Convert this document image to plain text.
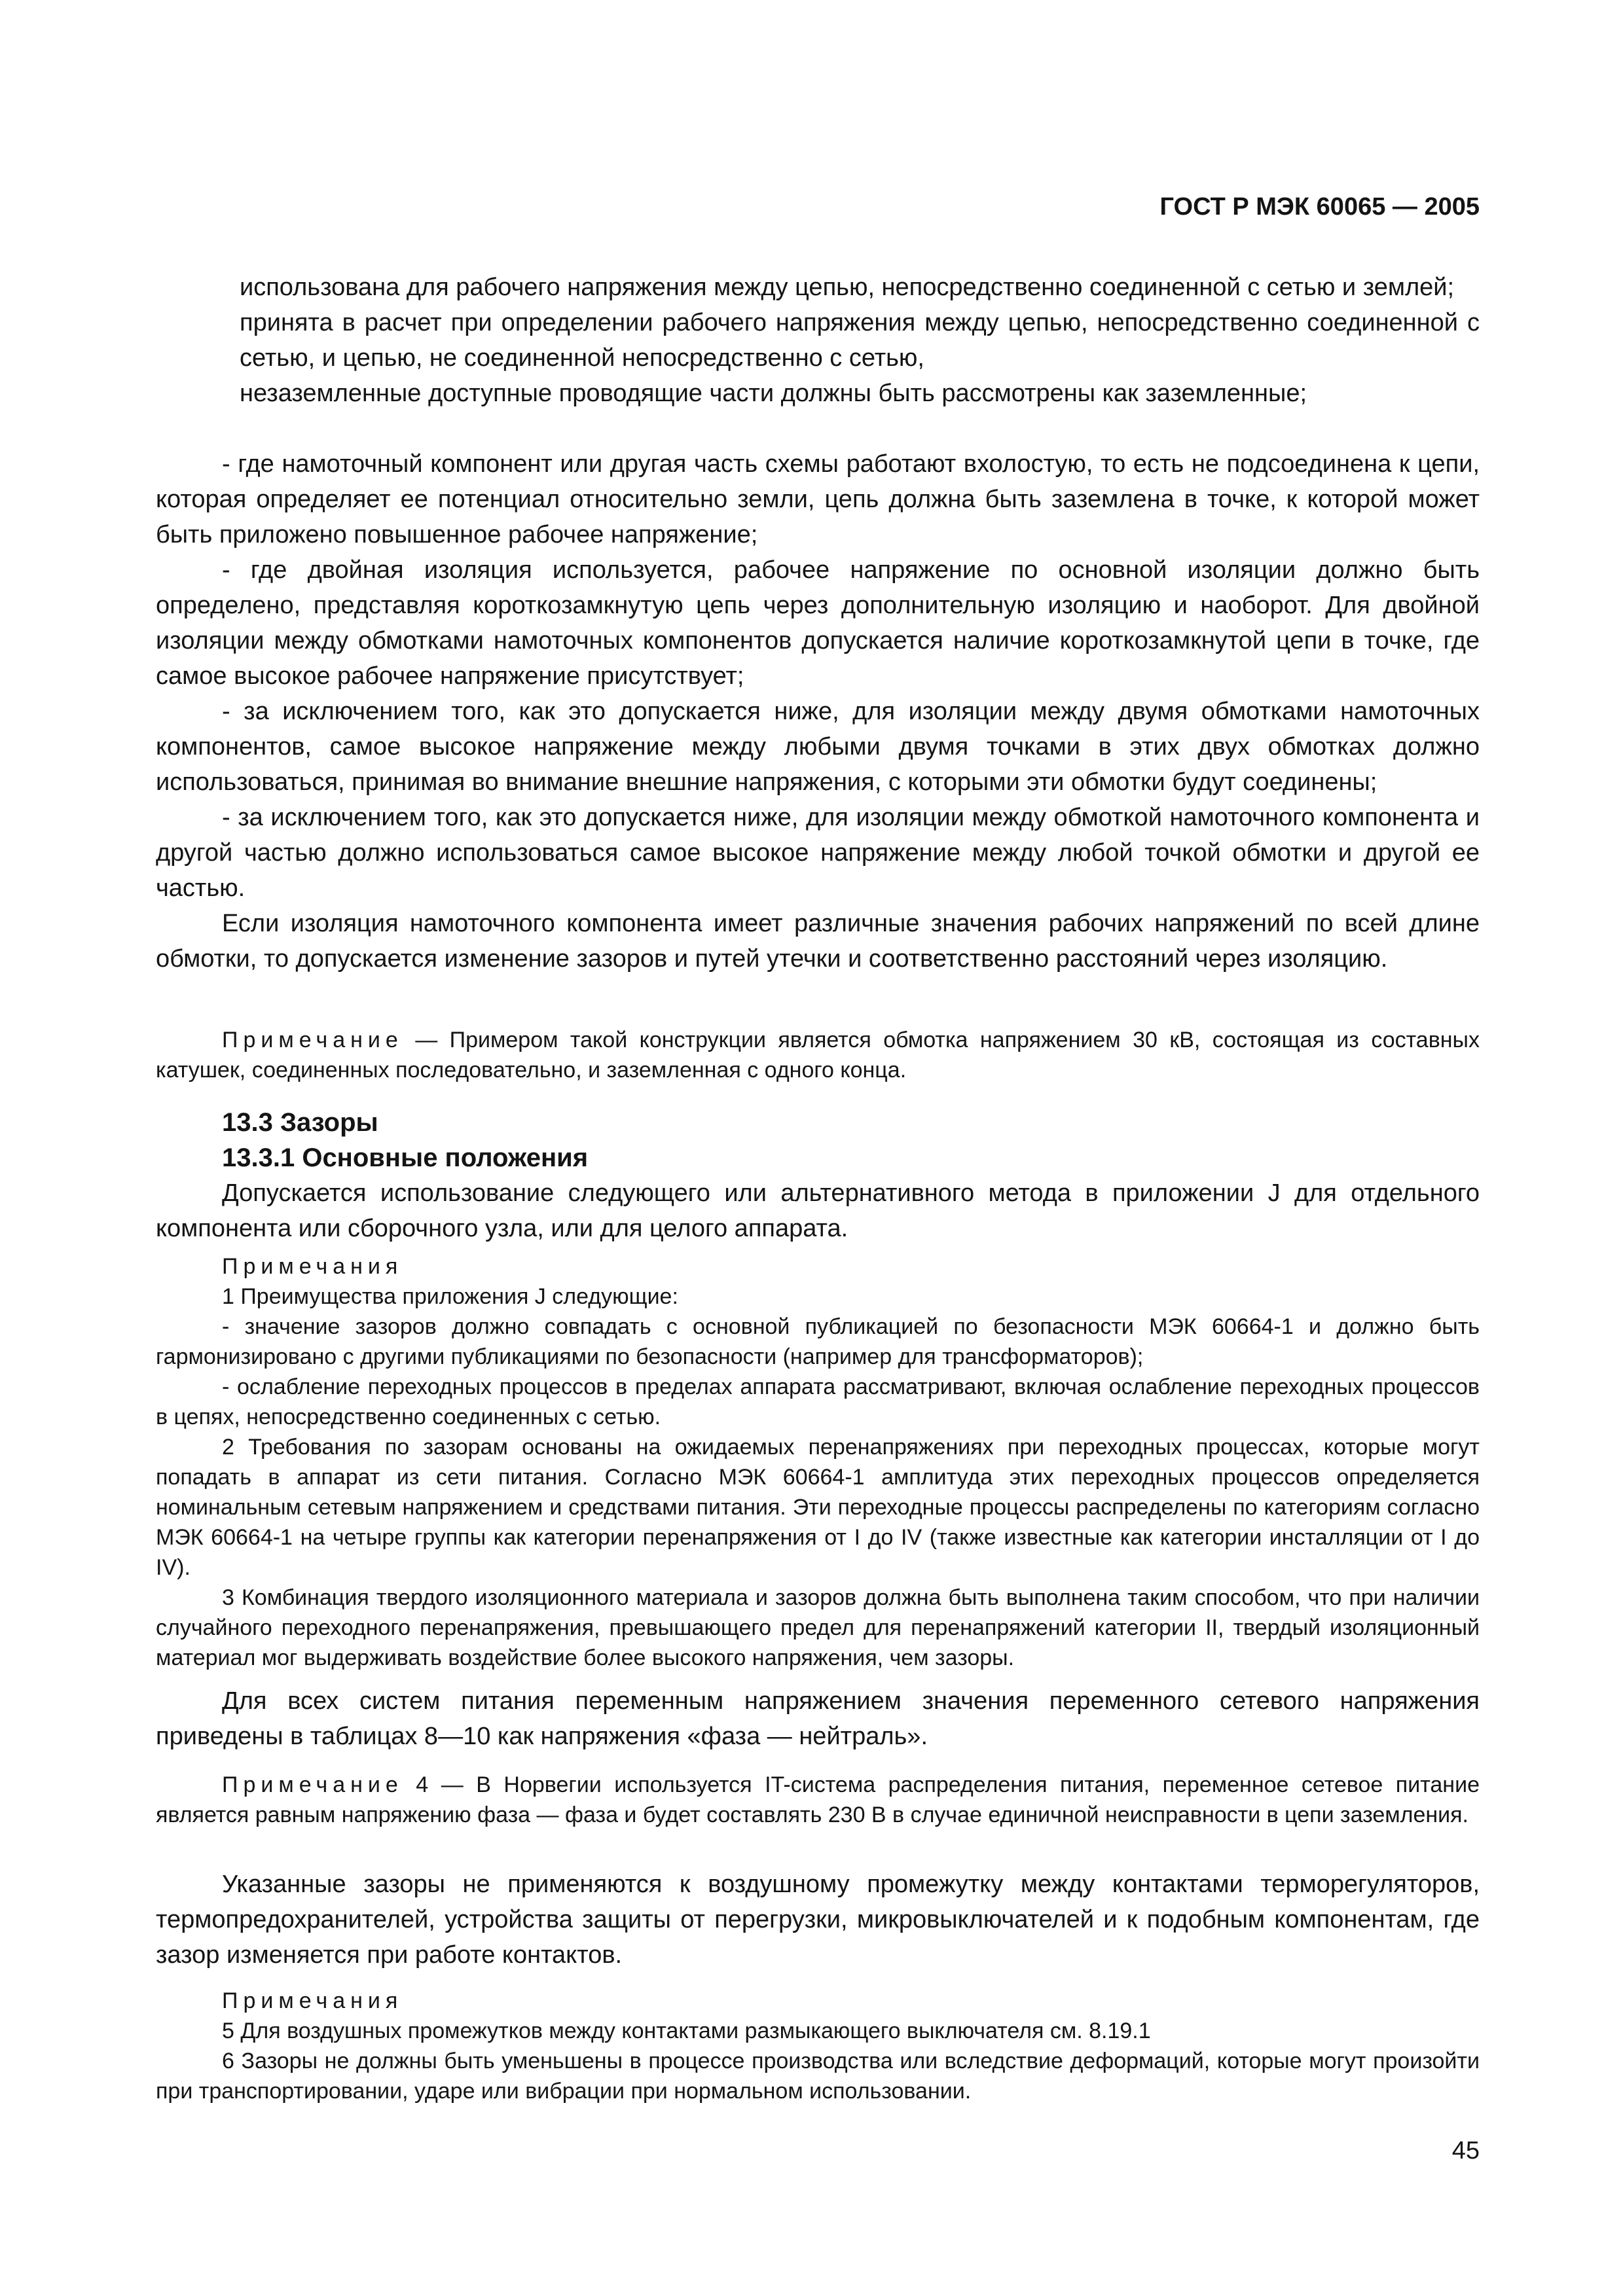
ГОСТ Р МЭК 60065 — 2005

использована для рабочего напряжения между цепью, непосредственно соединенной с сетью и землей;

принята в расчет при определении рабочего напряжения между цепью, непосредственно соединенной с сетью, и цепью, не соединенной непосредственно с сетью,

незаземленные доступные проводящие части должны быть рассмотрены как заземленные;

- где намоточный компонент или другая часть схемы работают вхолостую, то есть не подсоединена к цепи, которая определяет ее потенциал относительно земли, цепь должна быть заземлена в точке, к которой может быть приложено повышенное рабочее напряжение;

- где двойная изоляция используется, рабочее напряжение по основной изоляции должно быть определено, представляя короткозамкнутую цепь через дополнительную изоляцию и наоборот. Для двойной изоляции между обмотками намоточных компонентов допускается наличие короткозамкнутой цепи в точке, где самое высокое рабочее напряжение присутствует;

- за исключением того, как это допускается ниже, для изоляции между двумя обмотками намоточных компонентов, самое высокое напряжение между любыми двумя точками в этих двух обмотках должно использоваться, принимая во внимание внешние напряжения, с которыми эти обмотки будут соединены;

- за исключением того, как это допускается ниже, для изоляции между обмоткой намоточного компонента и другой частью должно использоваться самое высокое напряжение между любой точкой обмотки и другой ее частью.

Если изоляция намоточного компонента имеет различные значения рабочих напряжений по всей длине обмотки, то допускается изменение зазоров и путей утечки и соответственно расстояний через изоляцию.

Примечание — Примером такой конструкции является обмотка напряжением 30 кВ, состоящая из составных катушек, соединенных последовательно, и заземленная с одного конца.

13.3 Зазоры

13.3.1 Основные положения

Допускается использование следующего или альтернативного метода в приложении J для отдельного компонента или сборочного узла, или для целого аппарата.

Примечания

1 Преимущества приложения J следующие:

- значение зазоров должно совпадать с основной публикацией по безопасности МЭК 60664-1 и должно быть гармонизировано с другими публикациями по безопасности (например для трансформаторов);

- ослабление переходных процессов в пределах аппарата рассматривают, включая ослабление переходных процессов в цепях, непосредственно соединенных с сетью.

2 Требования по зазорам основаны на ожидаемых перенапряжениях при переходных процессах, которые могут попадать в аппарат из сети питания. Согласно МЭК 60664-1 амплитуда этих переходных процессов определяется номинальным сетевым напряжением и средствами питания. Эти переходные процессы распределены по категориям согласно МЭК 60664-1 на четыре группы как категории перенапряжения от I до IV (также известные как категории инсталляции от I до IV).

3 Комбинация твердого изоляционного материала и зазоров должна быть выполнена таким способом, что при наличии случайного переходного перенапряжения, превышающего предел для перенапряжений категории II, твердый изоляционный материал мог выдерживать воздействие более высокого напряжения, чем зазоры.

Для всех систем питания переменным напряжением значения переменного сетевого напряжения приведены в таблицах 8—10 как напряжения «фаза — нейтраль».

Примечание 4 — В Норвегии используется IT-система распределения питания, переменное сетевое питание является равным напряжению фаза — фаза и будет составлять 230 В в случае единичной неисправности в цепи заземления.

Указанные зазоры не применяются к воздушному промежутку между контактами терморегуляторов, термопредохранителей, устройства защиты от перегрузки, микровыключателей и к подобным компонентам, где зазор изменяется при работе контактов.

Примечания

5 Для воздушных промежутков между контактами размыкающего выключателя см. 8.19.1

6 Зазоры не должны быть уменьшены в процессе производства или вследствие деформаций, которые могут произойти при транспортировании, ударе или вибрации при нормальном использовании.

45
